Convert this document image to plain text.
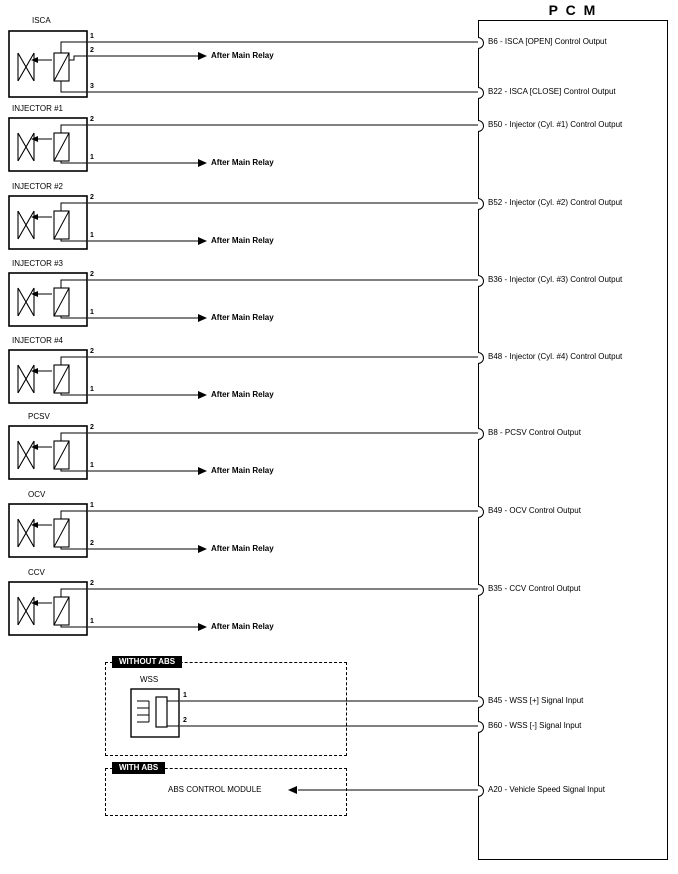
P C M
B6 - ISCA [OPEN] Control Output
B22 - ISCA [CLOSE] Control Output
B50 - Injector (Cyl. #1) Control Output
B52 - Injector (Cyl. #2) Control Output
B36 - Injector (Cyl. #3) Control Output
B48 - Injector (Cyl. #4) Control Output
B8 - PCSV Control Output
B49 - OCV Control Output
B35 - CCV Control Output
B45 - WSS [+] Signal Input
B60 - WSS [-] Signal Input
A20 - Vehicle Speed Signal Input
ISCA
1
2
3
After Main Relay
INJECTOR #1
2
1
After Main Relay
INJECTOR #2
2
1
After Main Relay
INJECTOR #3
2
1
After Main Relay
INJECTOR #4
2
1
After Main Relay
PCSV
2
1
After Main Relay
OCV
1
2
After Main Relay
CCV
2
1
After Main Relay
WITHOUT ABS
WSS
1
2
WITH ABS
ABS CONTROL MODULE
